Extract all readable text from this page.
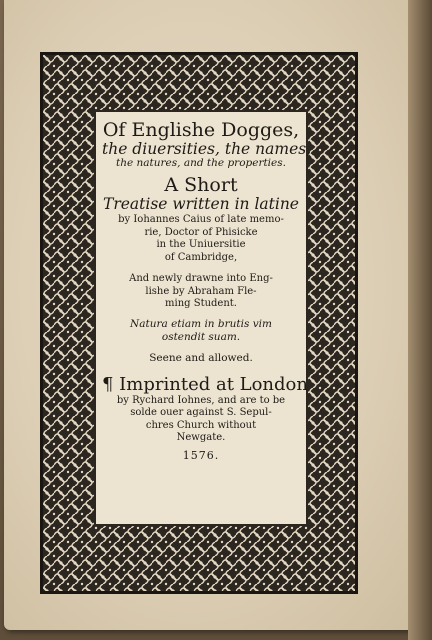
Of Englishe Dogges,
the diuersities, the names,
the natures, and the properties.
A Short
Treatise written in latine
by Iohannes Caius of late memo-
rie, Doctor of Phisicke
in the Uniuersitie
of Cambridge,
And newly drawne into Eng-
lishe by Abraham Fle-
ming Student.
Natura etiam in brutis vim
ostendit suam.
Seene and allowed.
¶ Imprinted at London
by Rychard Iohnes, and are to be
solde ouer against S. Sepul-
chres Church without
Newgate.
1576.
